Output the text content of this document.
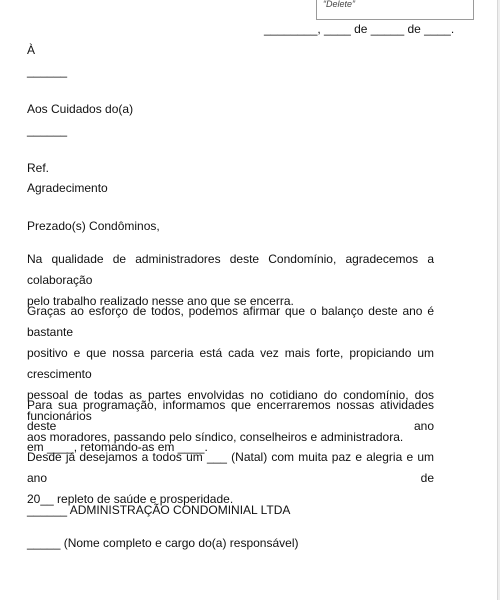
“Delete”
________, ____ de _____ de ____.
À
______
Aos Cuidados do(a)
______
Ref.
Agradecimento
Prezado(s) Condôminos,
Na qualidade de administradores deste Condomínio, agradecemos a colaboração
pelo trabalho realizado nesse ano que se encerra.
Graças ao esforço de todos, podemos afirmar que o balanço deste ano é bastante
positivo e que nossa parceria está cada vez mais forte, propiciando um crescimento
pessoal de todas as partes envolvidas no cotidiano do condomínio, dos funcionários
aos moradores, passando pelo síndico, conselheiros e administradora.
Para sua programação, informamos que encerraremos nossas atividades deste ano
em ____, retomando-as em ____.
Desde já desejamos a todos um ___ (Natal) com muita paz e alegria e um ano de
20__ repleto de saúde e prosperidade.
______ ADMINISTRAÇÃO CONDOMINIAL LTDA
_____ (Nome completo e cargo do(a) responsável)
